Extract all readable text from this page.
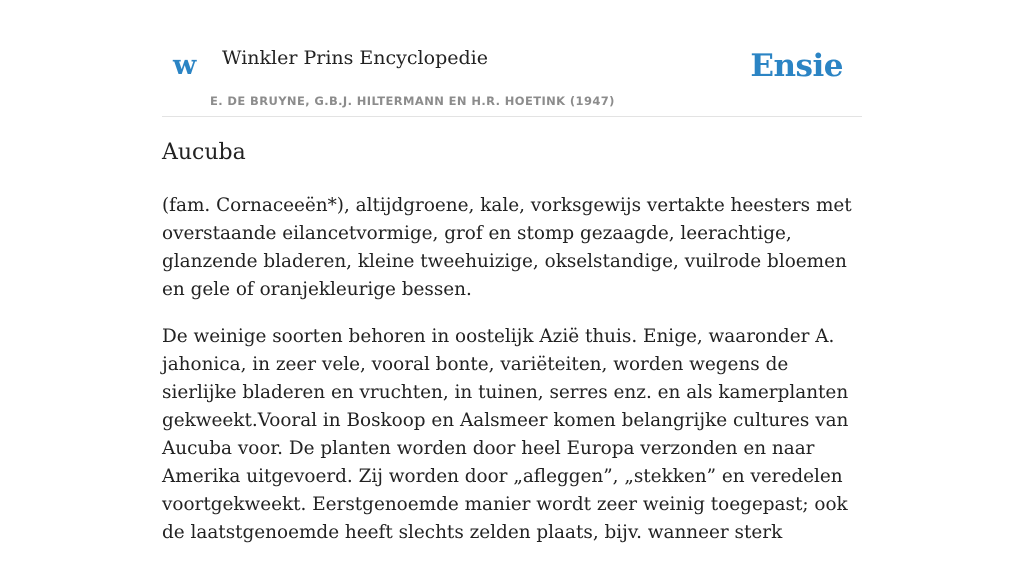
w Winkler Prins Encyclopedie
E. DE BRUYNE, G.B.J. HILTERMANN EN H.R. HOETINK (1947)
Ensie
Aucuba

(fam. Cornaceeën*), altijdgroene, kale, vorksgewijs vertakte heesters met overstaande eilancetvormige, grof en stomp gezaagde, leerachtige, glanzende bladeren, kleine tweehuizige, okselstandige, vuilrode bloemen en gele of oranjekleurige bessen.

De weinige soorten behoren in oostelijk Azië thuis. Enige, waaronder A. jahonica, in zeer vele, vooral bonte, variëteiten, worden wegens de sierlijke bladeren en vruchten, in tuinen, serres enz. en als kamerplanten gekweekt.Vooral in Boskoop en Aalsmeer komen belangrijke cultures van Aucuba voor. De planten worden door heel Europa verzonden en naar Amerika uitgevoerd. Zij worden door „afleggen”, „stekken” en veredelen voortgekweekt. Eerstgenoemde manier wordt zeer weinig toegepast; ook de laatstgenoemde heeft slechts zelden plaats, bijv. wanneer sterk
